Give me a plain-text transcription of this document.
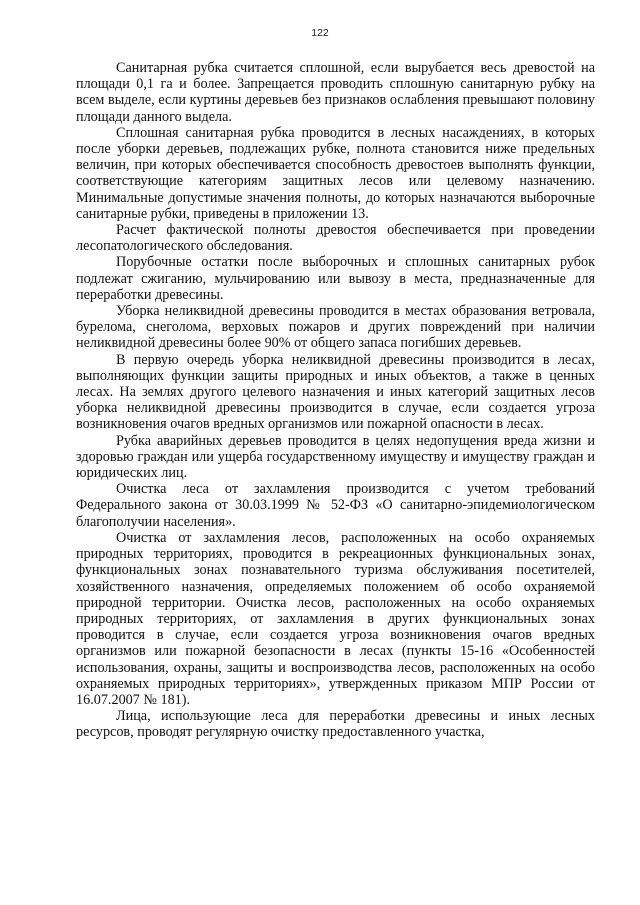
122

Санитарная рубка считается сплошной, если вырубается весь древостой на площади 0,1 га и более. Запрещается проводить сплошную санитарную рубку на всем выделе, если куртины деревьев без признаков ослабления превышают половину площади данного выдела.

Сплошная санитарная рубка проводится в лесных насаждениях, в которых после уборки деревьев, подлежащих рубке, полнота становится ниже предельных величин, при которых обеспечивается способность древостоев выполнять функции, соответствующие категориям защитных лесов или целевому назначению. Минимальные допустимые значения полноты, до которых назначаются выборочные санитарные рубки, приведены в приложении 13.

Расчет фактической полноты древостоя обеспечивается при проведении лесопатологического обследования.

Порубочные остатки после выборочных и сплошных санитарных рубок подлежат сжиганию, мульчированию или вывозу в места, предназначенные для переработки древесины.

Уборка неликвидной древесины проводится в местах образования ветровала, бурелома, снеголома, верховых пожаров и других повреждений при наличии неликвидной древесины более 90% от общего запаса погибших деревьев.

В первую очередь уборка неликвидной древесины производится в лесах, выполняющих функции защиты природных и иных объектов, а также в ценных лесах. На землях другого целевого назначения и иных категорий защитных лесов уборка неликвидной древесины производится в случае, если создается угроза возникновения очагов вредных организмов или пожарной опасности в лесах.

Рубка аварийных деревьев проводится в целях недопущения вреда жизни и здоровью граждан или ущерба государственному имуществу и имуществу граждан и юридических лиц.

Очистка леса от захламления производится с учетом требований Федерального закона от 30.03.1999 № 52-ФЗ «О санитарно-эпидемиологическом благополучии населения».

Очистка от захламления лесов, расположенных на особо охраняемых природных территориях, проводится в рекреационных функциональных зонах, функциональных зонах познавательного туризма обслуживания посетителей, хозяйственного назначения, определяемых положением об особо охраняемой природной территории. Очистка лесов, расположенных на особо охраняемых природных территориях, от захламления в других функциональных зонах проводится в случае, если создается угроза возникновения очагов вредных организмов или пожарной безопасности в лесах (пункты 15-16 «Особенностей использования, охраны, защиты и воспроизводства лесов, расположенных на особо охраняемых природных территориях», утвержденных приказом МПР России от 16.07.2007 № 181).

Лица, использующие леса для переработки древесины и иных лесных ресурсов, проводят регулярную очистку предоставленного участка,
